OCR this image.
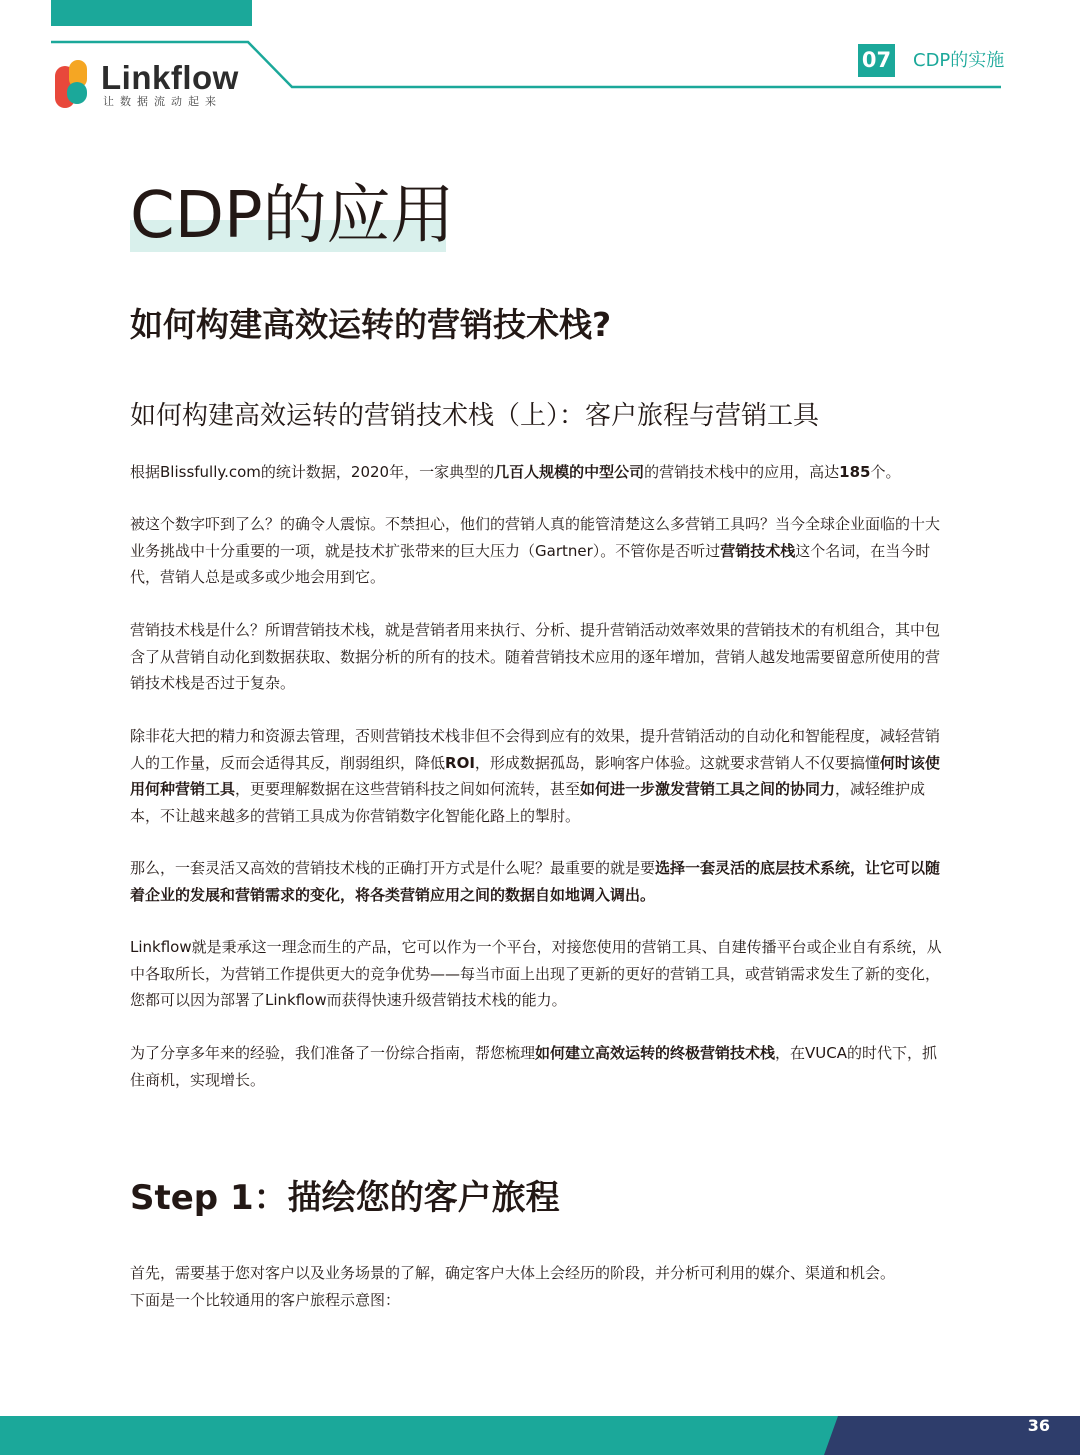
Linkflow
让数据流动起来
07 CDP的实施
CDP的应用
如何构建高效运转的营销技术栈?
如何构建高效运转的营销技术栈（上）：客户旅程与营销工具

根据Blissfully.com的统计数据，2020年，一家典型的几百人规模的中型公司的营销技术栈中的应用，高达185个。

被这个数字吓到了么？的确令人震惊。不禁担心，他们的营销人真的能管清楚这么多营销工具吗？当今全球企业面临的十大业务挑战中十分重要的一项，就是技术扩张带来的巨大压力（Gartner）。不管你是否听过营销技术栈这个名词，在当今时代，营销人总是或多或少地会用到它。

营销技术栈是什么？所谓营销技术栈，就是营销者用来执行、分析、提升营销活动效率效果的营销技术的有机组合，其中包含了从营销自动化到数据获取、数据分析的所有的技术。随着营销技术应用的逐年增加，营销人越发地需要留意所使用的营销技术栈是否过于复杂。

除非花大把的精力和资源去管理，否则营销技术栈非但不会得到应有的效果，提升营销活动的自动化和智能程度，减轻营销人的工作量，反而会适得其反，削弱组织，降低ROI，形成数据孤岛，影响客户体验。这就要求营销人不仅要搞懂何时该使用何种营销工具，更要理解数据在这些营销科技之间如何流转，甚至如何进一步激发营销工具之间的协同力，减轻维护成本，不让越来越多的营销工具成为你营销数字化智能化路上的掣肘。

那么，一套灵活又高效的营销技术栈的正确打开方式是什么呢？最重要的就是要选择一套灵活的底层技术系统，让它可以随着企业的发展和营销需求的变化，将各类营销应用之间的数据自如地调入调出。

Linkflow就是秉承这一理念而生的产品，它可以作为一个平台，对接您使用的营销工具、自建传播平台或企业自有系统，从中各取所长，为营销工作提供更大的竞争优势——每当市面上出现了更新的更好的营销工具，或营销需求发生了新的变化，您都可以因为部署了Linkflow而获得快速升级营销技术栈的能力。

为了分享多年来的经验，我们准备了一份综合指南，帮您梳理如何建立高效运转的终极营销技术栈，在VUCA的时代下，抓住商机，实现增长。

Step 1：描绘您的客户旅程

首先，需要基于您对客户以及业务场景的了解，确定客户大体上会经历的阶段，并分析可利用的媒介、渠道和机会。
下面是一个比较通用的客户旅程示意图：

36
